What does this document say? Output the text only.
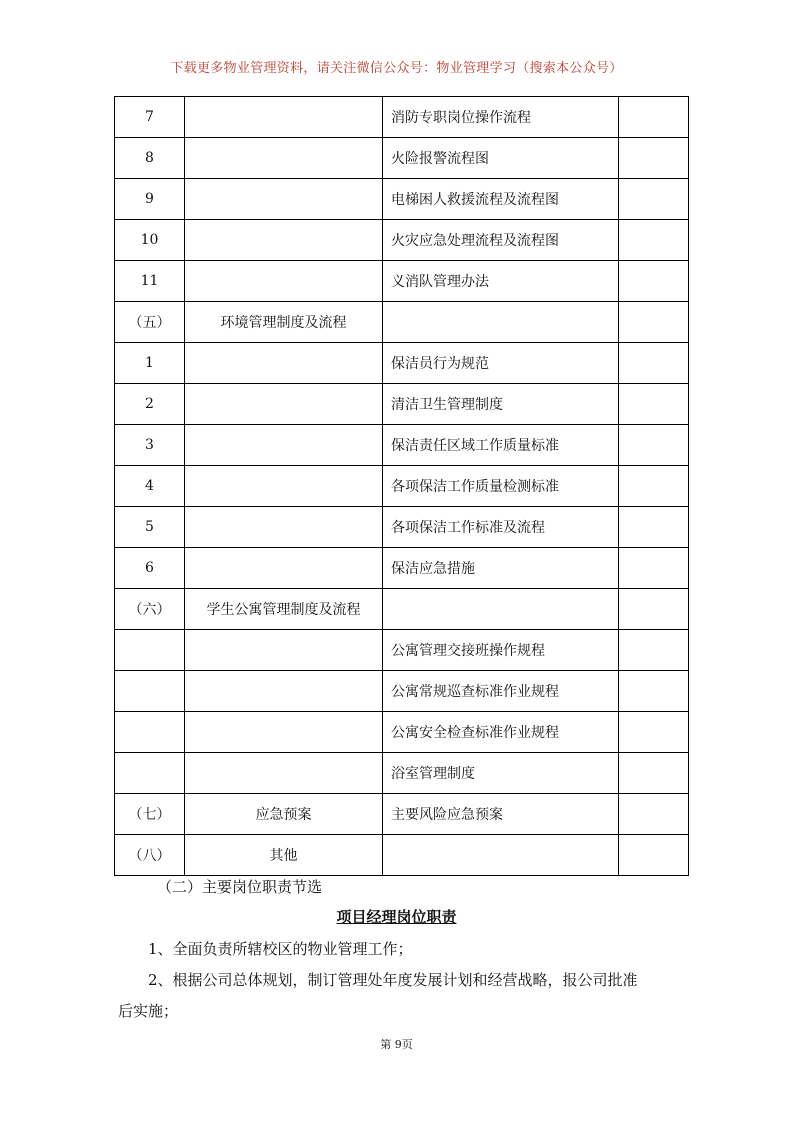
下载更多物业管理资料，请关注微信公众号：物业管理学习（搜索本公众号）
7		消防专职岗位操作流程	
8		火险报警流程图	
9		电梯困人救援流程及流程图	
10		火灾应急处理流程及流程图	
11		义消队管理办法	
（五）	环境管理制度及流程		
1		保洁员行为规范	
2		清洁卫生管理制度	
3		保洁责任区域工作质量标准	
4		各项保洁工作质量检测标准	
5		各项保洁工作标准及流程	
6		保洁应急措施	
（六）	学生公寓管理制度及流程		
		公寓管理交接班操作规程	
		公寓常规巡查标准作业规程	
		公寓安全检查标准作业规程	
		浴室管理制度	
（七）	应急预案	主要风险应急预案	
（八）	其他		
（二）主要岗位职责节选
项目经理岗位职责
1、全面负责所辖校区的物业管理工作；
2、根据公司总体规划，制订管理处年度发展计划和经营战略，报公司批准
后实施；
第 9页
